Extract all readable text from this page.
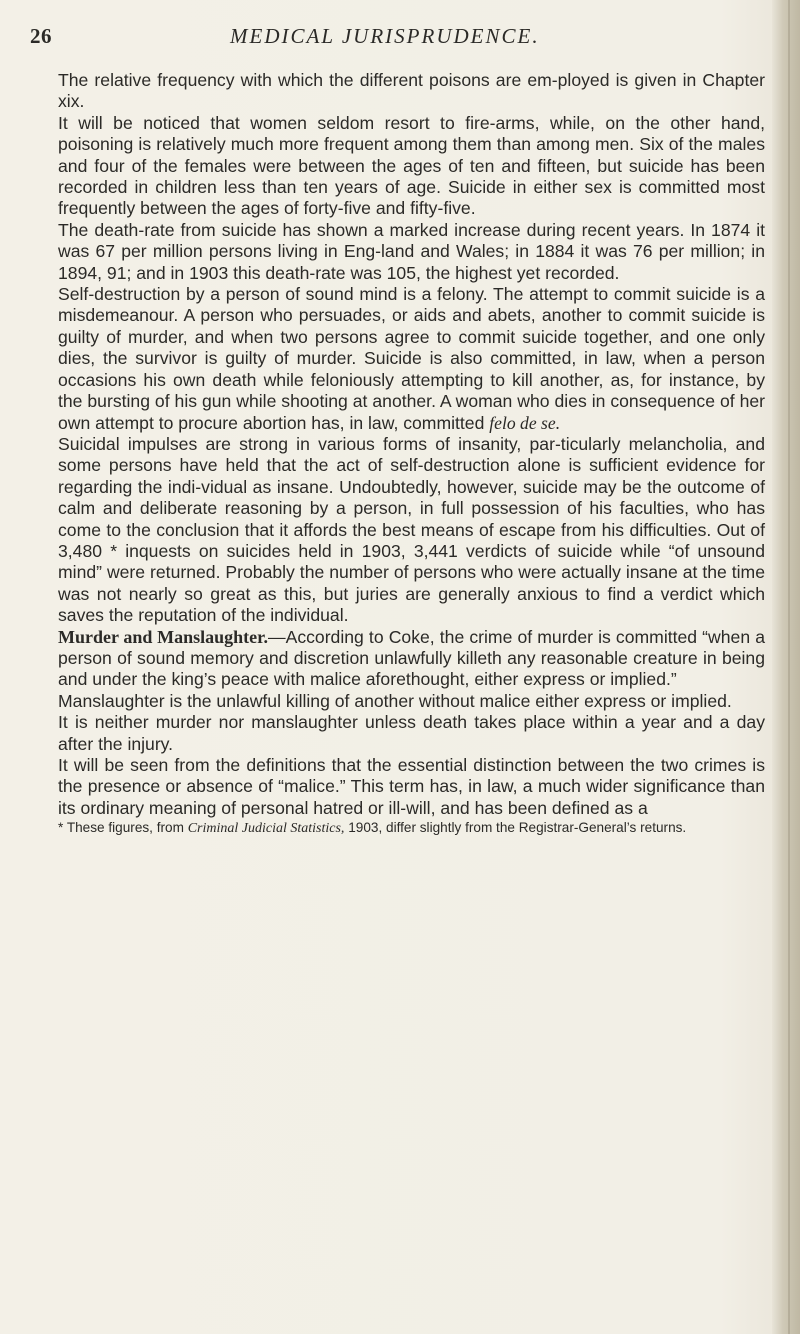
26	MEDICAL JURISPRUDENCE.

The relative frequency with which the different poisons are em-ployed is given in Chapter xix.

It will be noticed that women seldom resort to fire-arms, while, on the other hand, poisoning is relatively much more frequent among them than among men. Six of the males and four of the females were between the ages of ten and fifteen, but suicide has been recorded in children less than ten years of age. Suicide in either sex is committed most frequently between the ages of forty-five and fifty-five.

The death-rate from suicide has shown a marked increase during recent years. In 1874 it was 67 per million persons living in Eng-land and Wales; in 1884 it was 76 per million; in 1894, 91; and in 1903 this death-rate was 105, the highest yet recorded.

Self-destruction by a person of sound mind is a felony. The attempt to commit suicide is a misdemeanour. A person who persuades, or aids and abets, another to commit suicide is guilty of murder, and when two persons agree to commit suicide together, and one only dies, the survivor is guilty of murder. Suicide is also committed, in law, when a person occasions his own death while feloniously attempting to kill another, as, for instance, by the bursting of his gun while shooting at another. A woman who dies in consequence of her own attempt to procure abortion has, in law, committed felo de se.

Suicidal impulses are strong in various forms of insanity, par-ticularly melancholia, and some persons have held that the act of self-destruction alone is sufficient evidence for regarding the indi-vidual as insane. Undoubtedly, however, suicide may be the outcome of calm and deliberate reasoning by a person, in full possession of his faculties, who has come to the conclusion that it affords the best means of escape from his difficulties. Out of 3,480 * inquests on suicides held in 1903, 3,441 verdicts of suicide while “of unsound mind” were returned. Probably the number of persons who were actually insane at the time was not nearly so great as this, but juries are generally anxious to find a verdict which saves the reputation of the individual.

Murder and Manslaughter.—According to Coke, the crime of murder is committed “when a person of sound memory and discretion unlawfully killeth any reasonable creature in being and under the king’s peace with malice aforethought, either express or implied.”

Manslaughter is the unlawful killing of another without malice either express or implied.

It is neither murder nor manslaughter unless death takes place within a year and a day after the injury.

It will be seen from the definitions that the essential distinction between the two crimes is the presence or absence of “malice.” This term has, in law, a much wider significance than its ordinary meaning of personal hatred or ill-will, and has been defined as a

* These figures, from Criminal Judicial Statistics, 1903, differ slightly from the Registrar-General’s returns.
